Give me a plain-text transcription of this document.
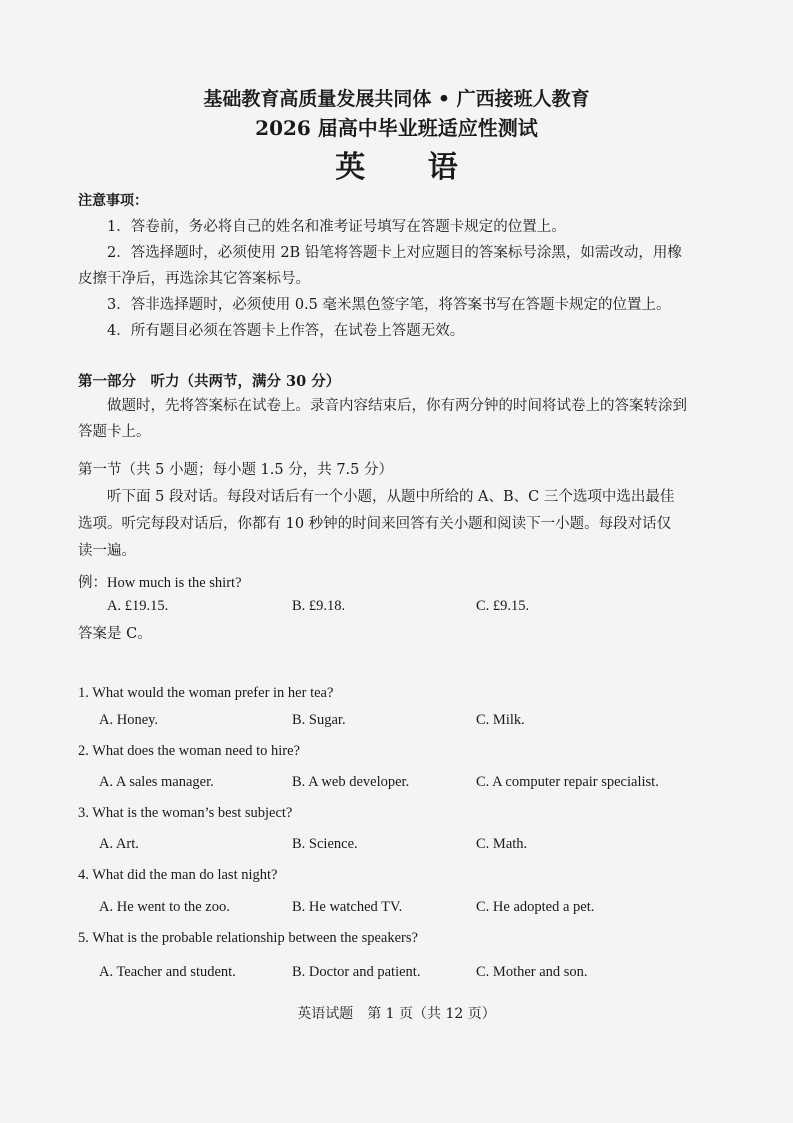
基础教育高质量发展共同体 • 广西接班人教育
2026 届高中毕业班适应性测试
英 语
注意事项：
1．答卷前，务必将自己的姓名和准考证号填写在答题卡规定的位置上。
2．答选择题时，必须使用 2B 铅笔将答题卡上对应题目的答案标号涂黑，如需改动，用橡
皮擦干净后，再选涂其它答案标号。
3．答非选择题时，必须使用 0.5 毫米黑色签字笔，将答案书写在答题卡规定的位置上。
4．所有题目必须在答题卡上作答，在试卷上答题无效。
第一部分　听力（共两节，满分 30 分）
做题时，先将答案标在试卷上。录音内容结束后，你有两分钟的时间将试卷上的答案转涂到
答题卡上。
第一节（共 5 小题；每小题 1.5 分，共 7.5 分）
听下面 5 段对话。每段对话后有一个小题，从题中所给的 A、B、C 三个选项中选出最佳
选项。听完每段对话后，你都有 10 秒钟的时间来回答有关小题和阅读下一小题。每段对话仅
读一遍。
例：How much is the shirt?
A. £19.15.	B. £9.18.	C. £9.15.
答案是 C。
1. What would the woman prefer in her tea?
A. Honey.	B. Sugar.	C. Milk.
2. What does the woman need to hire?
A. A sales manager.	B. A web developer.	C. A computer repair specialist.
3. What is the woman’s best subject?
A. Art.	B. Science.	C. Math.
4. What did the man do last night?
A. He went to the zoo.	B. He watched TV.	C. He adopted a pet.
5. What is the probable relationship between the speakers?
A. Teacher and student.	B. Doctor and patient.	C. Mother and son.
英语试题　第 1 页（共 12 页）
